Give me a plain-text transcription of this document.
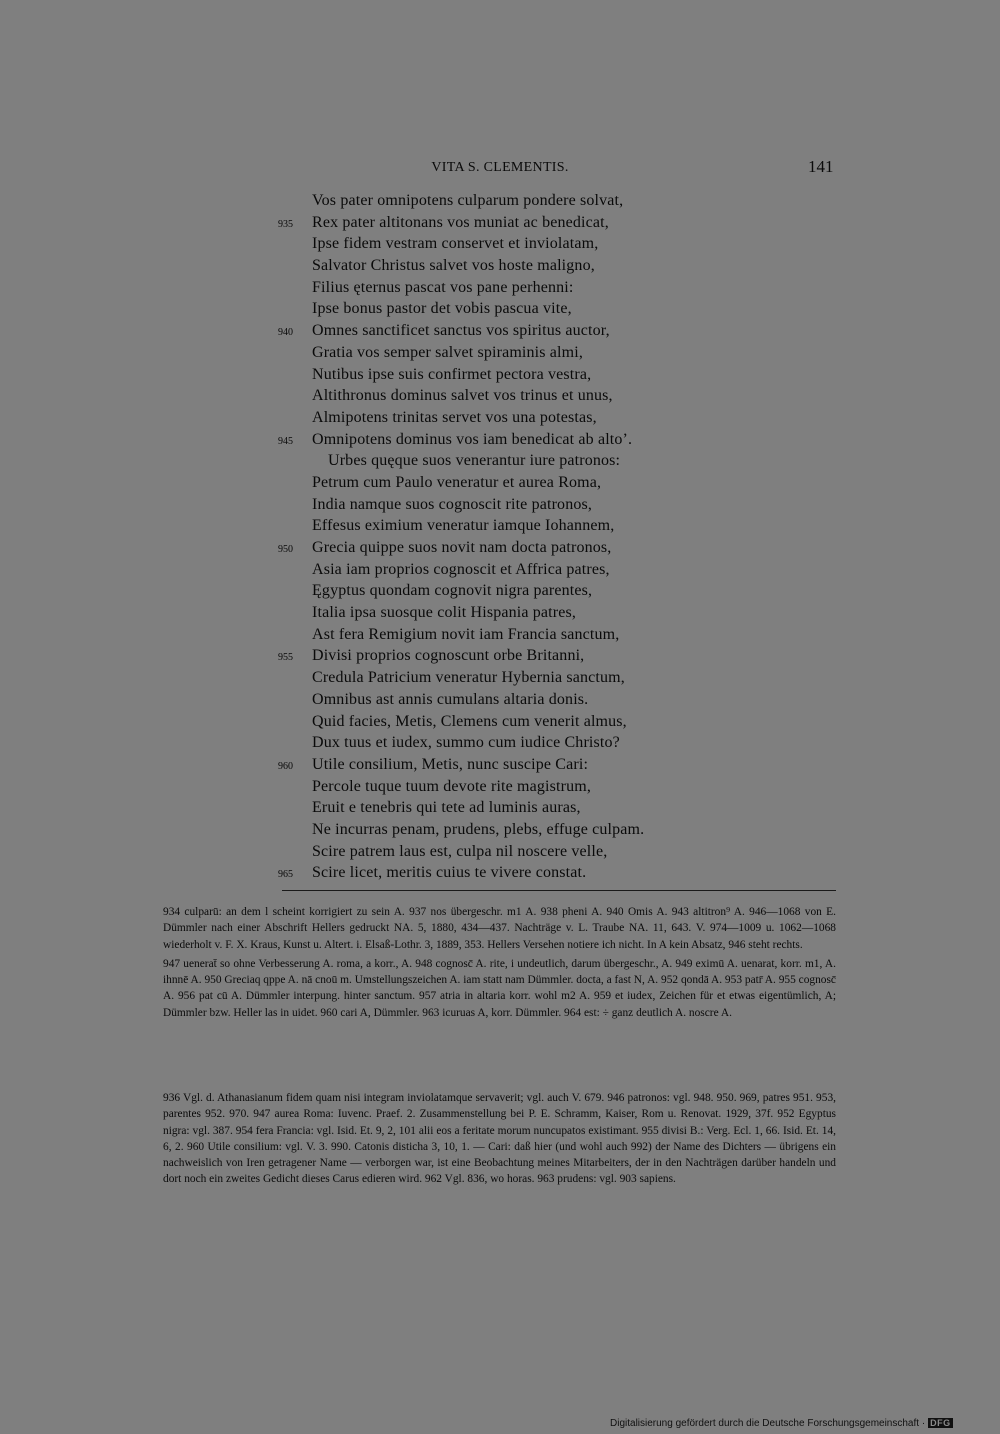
VITA S. CLEMENTIS.	141
Vos pater omnipotens culparum pondere solvat,
935 Rex pater altitonans vos muniat ac benedicat,
Ipse fidem vestram conservet et inviolatam,
Salvator Christus salvet vos hoste maligno,
Filius ęternus pascat vos pane perhenni:
Ipse bonus pastor det vobis pascua vite,
940 Omnes sanctificet sanctus vos spiritus auctor,
Gratia vos semper salvet spiraminis almi,
Nutibus ipse suis confirmet pectora vestra,
Altithronus dominus salvet vos trinus et unus,
Almipotens trinitas servet vos una potestas,
945 Omnipotens dominus vos iam benedicat ab alto’.
Urbes quęque suos venerantur iure patronos:
Petrum cum Paulo veneratur et aurea Roma,
India namque suos cognoscit rite patronos,
Effesus eximium veneratur iamque Iohannem,
950 Grecia quippe suos novit nam docta patronos,
Asia iam proprios cognoscit et Affrica patres,
Ęgyptus quondam cognovit nigra parentes,
Italia ipsa suosque colit Hispania patres,
Ast fera Remigium novit iam Francia sanctum,
955 Divisi proprios cognoscunt orbe Britanni,
Credula Patricium veneratur Hybernia sanctum,
Omnibus ast annis cumulans altaria donis.
Quid facies, Metis, Clemens cum venerit almus,
Dux tuus et iudex, summo cum iudice Christo?
960 Utile consilium, Metis, nunc suscipe Cari:
Percole tuque tuum devote rite magistrum,
Eruit e tenebris qui tete ad luminis auras,
Ne incurras penam, prudens, plebs, effuge culpam.
Scire patrem laus est, culpa nil noscere velle,
965 Scire licet, meritis cuius te vivere constat.

934 culparū: an dem l scheint korrigiert zu sein A. 937 nos übergeschr. m1 A. 938 pheni A. 940 Omis A. 943 altitron⁹ A. 946—1068 von E. Dümmler nach einer Abschrift Hellers gedruckt NA. 5, 1880, 434—437. Nachträge v. L. Traube NA. 11, 643. V. 974—1009 u. 1062—1068 wiederholt v. F. X. Kraus, Kunst u. Altert. i. Elsaß-Lothr. 3, 1889, 353. Hellers Versehen notiere ich nicht. In A kein Absatz, 946 steht rechts.

947 uenerat̄ so ohne Verbesserung A. roma, a korr., A. 948 cognosc̄ A. rite, i undeutlich, darum übergeschr., A. 949 eximū A. uenarat, korr. m1, A. ihnnē A. 950 Greciaq qppe A. nā cnoū m. Umstellungszeichen A. iam statt nam Dümmler. docta, a fast N, A. 952 qondā A. 953 patr̄ A. 955 cognosc̄ A. 956 pat cū A. Dümmler interpung. hinter sanctum. 957 atria in altaria korr. wohl m2 A. 959 et iudex, Zeichen für et etwas eigentümlich, A; Dümmler bzw. Heller las in uidet. 960 cari A, Dümmler. 963 icuruas A, korr. Dümmler. 964 est: ÷ ganz deutlich A. noscre A.

936 Vgl. d. Athanasianum fidem quam nisi integram inviolatamque servaverit; vgl. auch V. 679. 946 patronos: vgl. 948. 950. 969, patres 951. 953, parentes 952. 970. 947 aurea Roma: Iuvenc. Praef. 2. Zusammenstellung bei P. E. Schramm, Kaiser, Rom u. Renovat. 1929, 37f. 952 Egyptus nigra: vgl. 387. 954 fera Francia: vgl. Isid. Et. 9, 2, 101 alii eos a feritate morum nuncupatos existimant. 955 divisi B.: Verg. Ecl. 1, 66. Isid. Et. 14, 6, 2. 960 Utile consilium: vgl. V. 3. 990. Catonis disticha 3, 10, 1. — Cari: daß hier (und wohl auch 992) der Name des Dichters — übrigens ein nachweislich von Iren getragener Name — verborgen war, ist eine Beobachtung meines Mitarbeiters, der in den Nachträgen darüber handeln und dort noch ein zweites Gedicht dieses Carus edieren wird. 962 Vgl. 836, wo horas. 963 prudens: vgl. 903 sapiens.

Digitalisierung gefördert durch die Deutsche Forschungsgemeinschaft · DFG
